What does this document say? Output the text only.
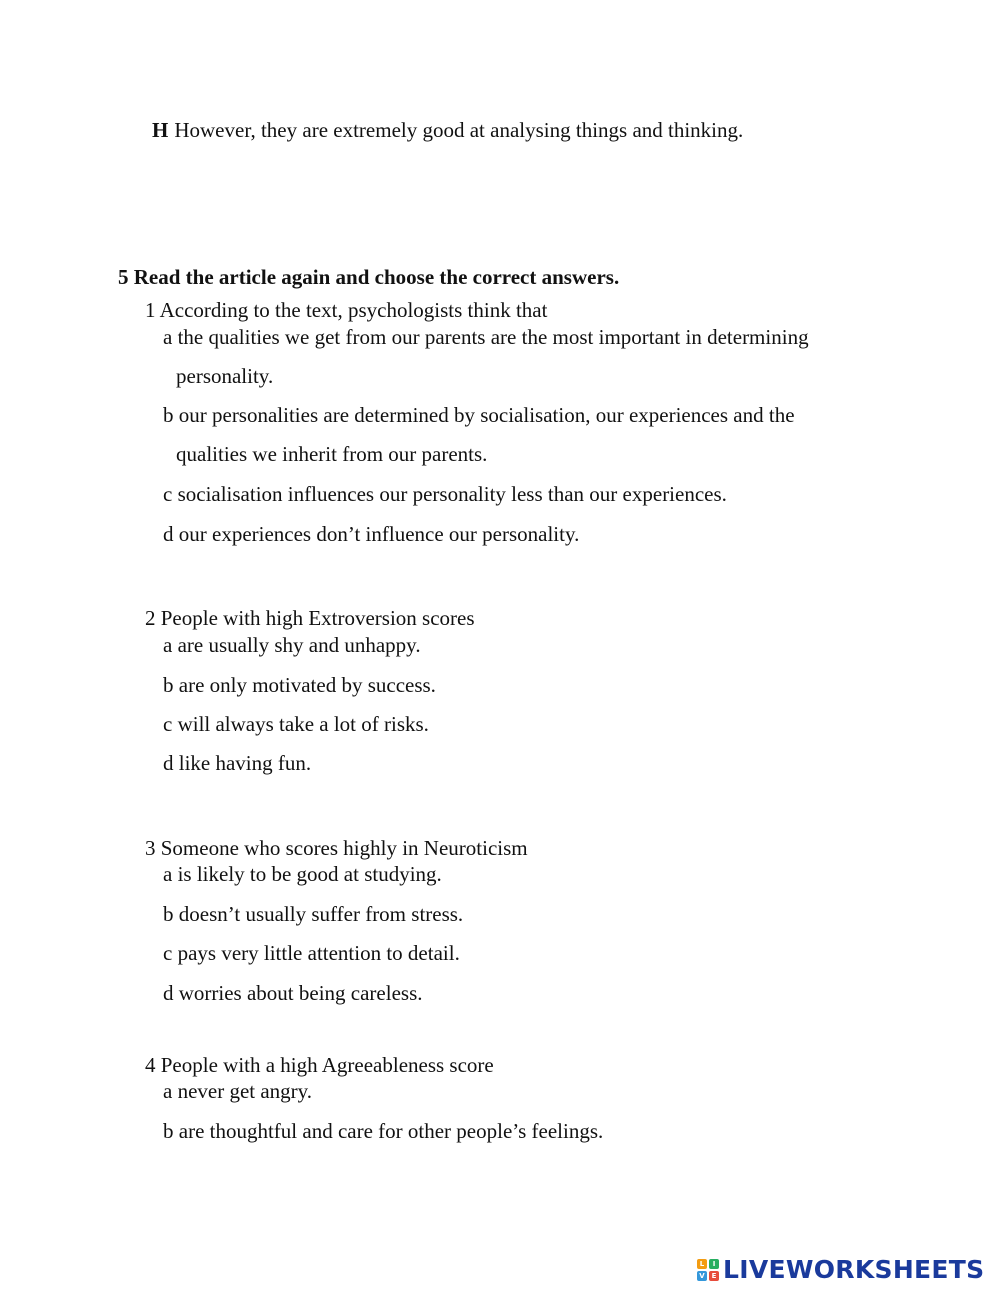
H However, they are extremely good at analysing things and thinking.
5 Read the article again and choose the correct answers.
1 According to the text, psychologists think that
a the qualities we get from our parents are the most important in determining
personality.
b our personalities are determined by socialisation, our experiences and the
qualities we inherit from our parents.
c socialisation influences our personality less than our experiences.
d our experiences don’t influence our personality.
2 People with high Extroversion scores
a are usually shy and unhappy.
b are only motivated by success.
c will always take a lot of risks.
d like having fun.
3 Someone who scores highly in Neuroticism
a is likely to be good at studying.
b doesn’t usually suffer from stress.
c pays very little attention to detail.
d worries about being careless.
4 People with a high Agreeableness score
a never get angry.
b are thoughtful and care for other people’s feelings.
L	I
V E LIVEWORKSHEETS
